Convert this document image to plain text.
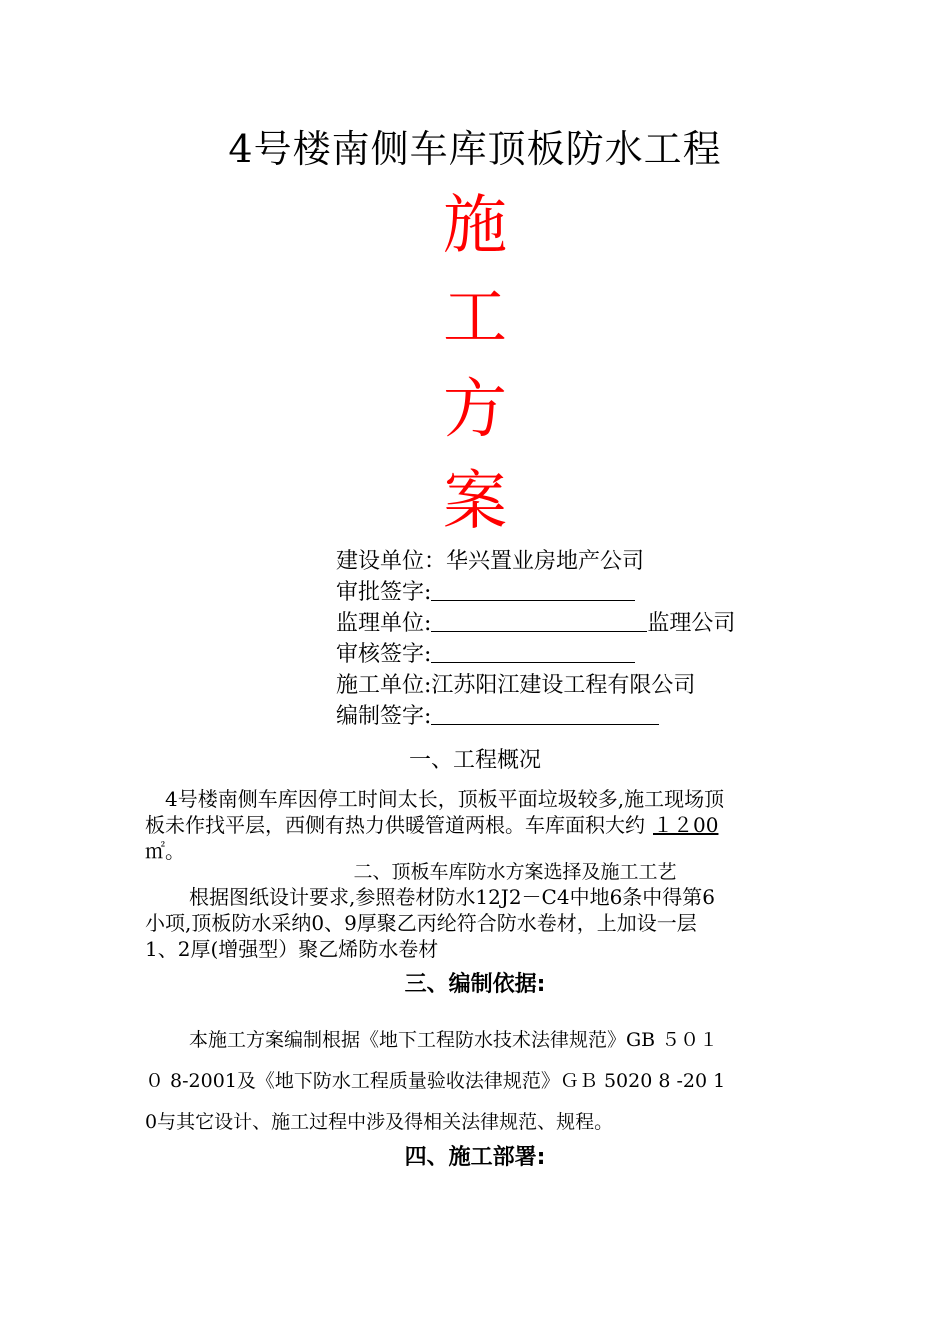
4号楼南侧车库顶板防水工程
施
工
方
案
建设单位：华兴置业房地产公司
审批签字:
监理单位:	监理公司
审核签字:
施工单位:江苏阳江建设工程有限公司
编制签字:
一、工程概况
4号楼南侧车库因停工时间太长，顶板平面垃圾较多,施工现场顶
板未作找平层，西侧有热力供暖管道两根。车库面积大约 １２00
㎡。
二、顶板车库防水方案选择及施工工艺
根据图纸设计要求,参照卷材防水12J2－C4中地6条中得第6
小项,顶板防水采纳0、9厚聚乙丙纶符合防水卷材，上加设一层
1、2厚(增强型）聚乙烯防水卷材
三、编制依据:
本施工方案编制根据《地下工程防水技术法律规范》GB ５０１
０ 8-2001及《地下防水工程质量验收法律规范》ＧＢ 5020 8 -20 1
0与其它设计、施工过程中涉及得相关法律规范、规程。
四、施工部署:
